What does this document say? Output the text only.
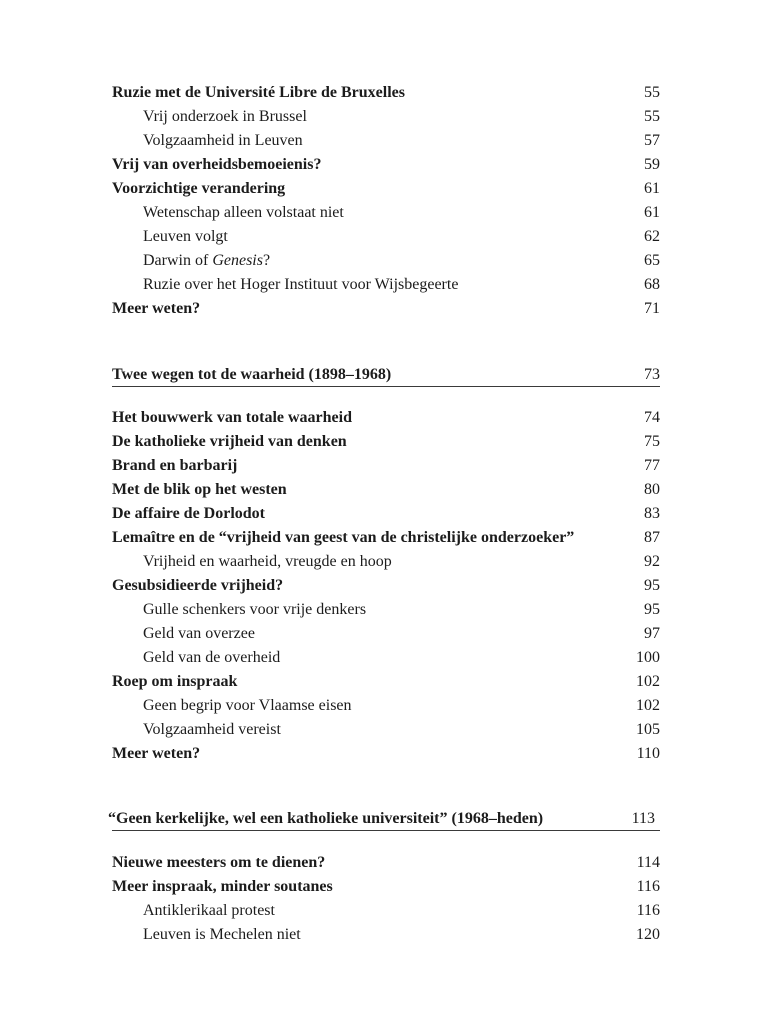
Ruzie met de Université Libre de Bruxelles	55
Vrij onderzoek in Brussel	55
Volgzaamheid in Leuven	57
Vrij van overheidsbemoeienis?	59
Voorzichtige verandering	61
Wetenschap alleen volstaat niet	61
Leuven volgt	62
Darwin of Genesis?	65
Ruzie over het Hoger Instituut voor Wijsbegeerte	68
Meer weten?	71
Twee wegen tot de waarheid (1898–1968)	73
Het bouwwerk van totale waarheid	74
De katholieke vrijheid van denken	75
Brand en barbarij	77
Met de blik op het westen	80
De affaire de Dorlodot	83
Lemaître en de “vrijheid van geest van de christelijke onderzoeker”	87
Vrijheid en waarheid, vreugde en hoop	92
Gesubsidieerde vrijheid?	95
Gulle schenkers voor vrije denkers	95
Geld van overzee	97
Geld van de overheid	100
Roep om inspraak	102
Geen begrip voor Vlaamse eisen	102
Volgzaamheid vereist	105
Meer weten?	110
“Geen kerkelijke, wel een katholieke universiteit” (1968–heden)	113
Nieuwe meesters om te dienen?	114
Meer inspraak, minder soutanes	116
Antiklerikaal protest	116
Leuven is Mechelen niet	120
